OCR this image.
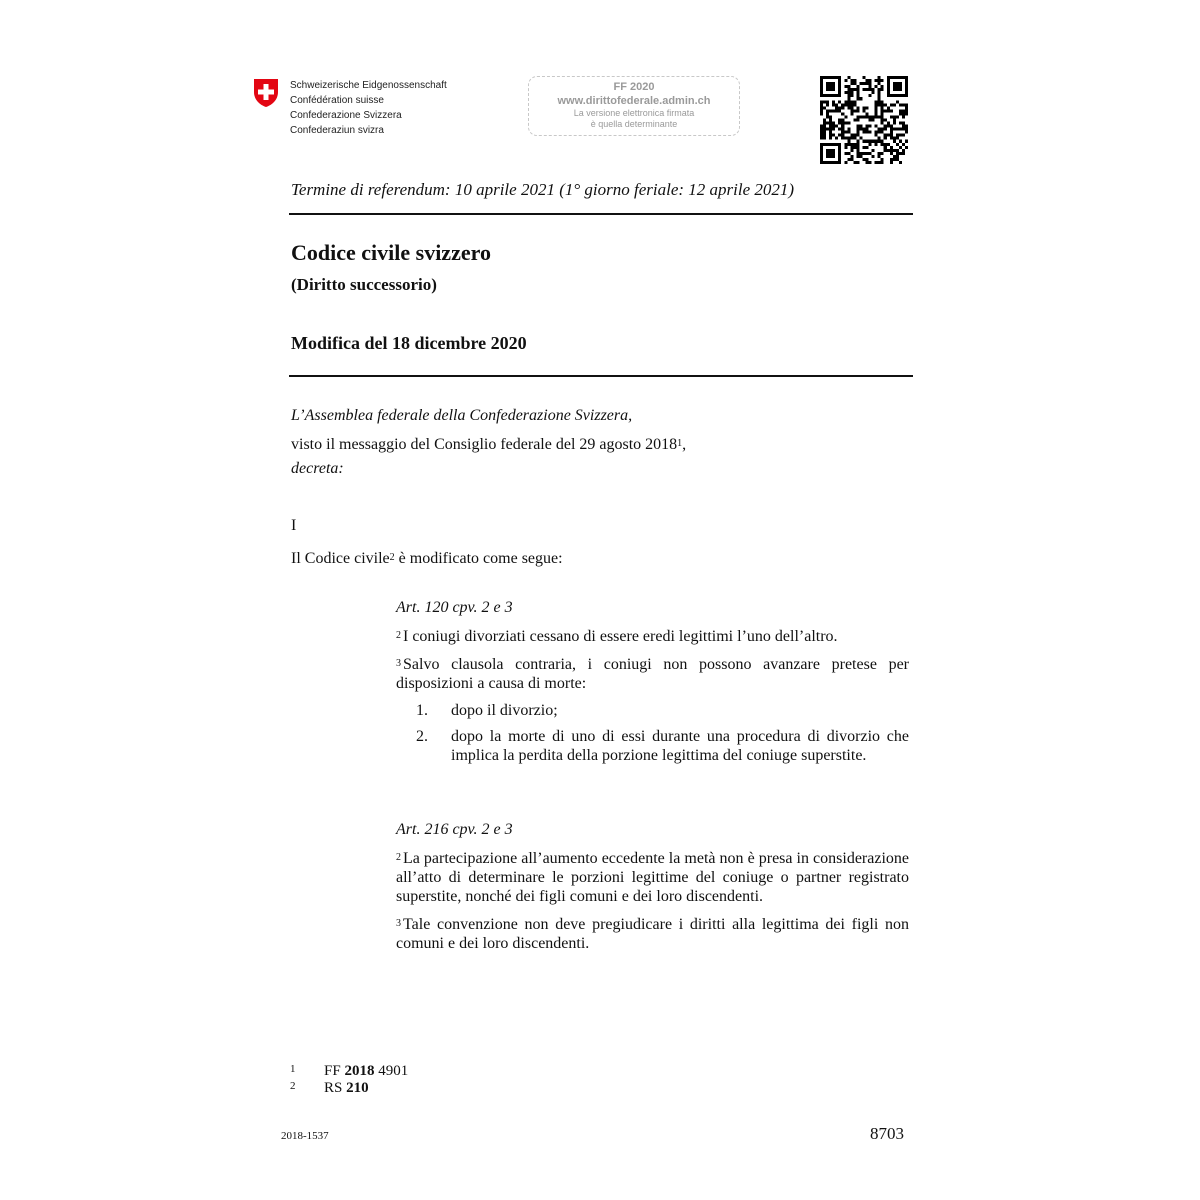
Schweizerische Eidgenossenschaft
Confédération suisse
Confederazione Svizzera
Confederaziun svizra
FF 2020
www.dirittofederale.admin.ch
La versione elettronica firmata
è quella determinante
Termine di referendum: 10 aprile 2021 (1° giorno feriale: 12 aprile 2021)
Codice civile svizzero
(Diritto successorio)
Modifica del 18 dicembre 2020
L’Assemblea federale della Confederazione Svizzera,
visto il messaggio del Consiglio federale del 29 agosto 2018$^1$,
decreta:
I
Il Codice civile$^2$ è modificato come segue:
Art. 120 cpv. 2 e 3
$^2$ I coniugi divorziati cessano di essere eredi legittimi l’uno dell’altro.
$^3$ Salvo clausola contraria, i coniugi non possono avanzare pretese per disposizioni a causa di morte:
1. dopo il divorzio;
2. dopo la morte di uno di essi durante una procedura di divorzio che implica la perdita della porzione legittima del coniuge superstite.
Art. 216 cpv. 2 e 3
$^2$ La partecipazione all’aumento eccedente la metà non è presa in considerazione all’atto di determinare le porzioni legittime del coniuge o partner registrato superstite, nonché dei figli comuni e dei loro discendenti.
$^3$ Tale convenzione non deve pregiudicare i diritti alla legittima dei figli non comuni e dei loro discendenti.
1 FF 2018 4901
2 RS 210
2018-1537	8703
